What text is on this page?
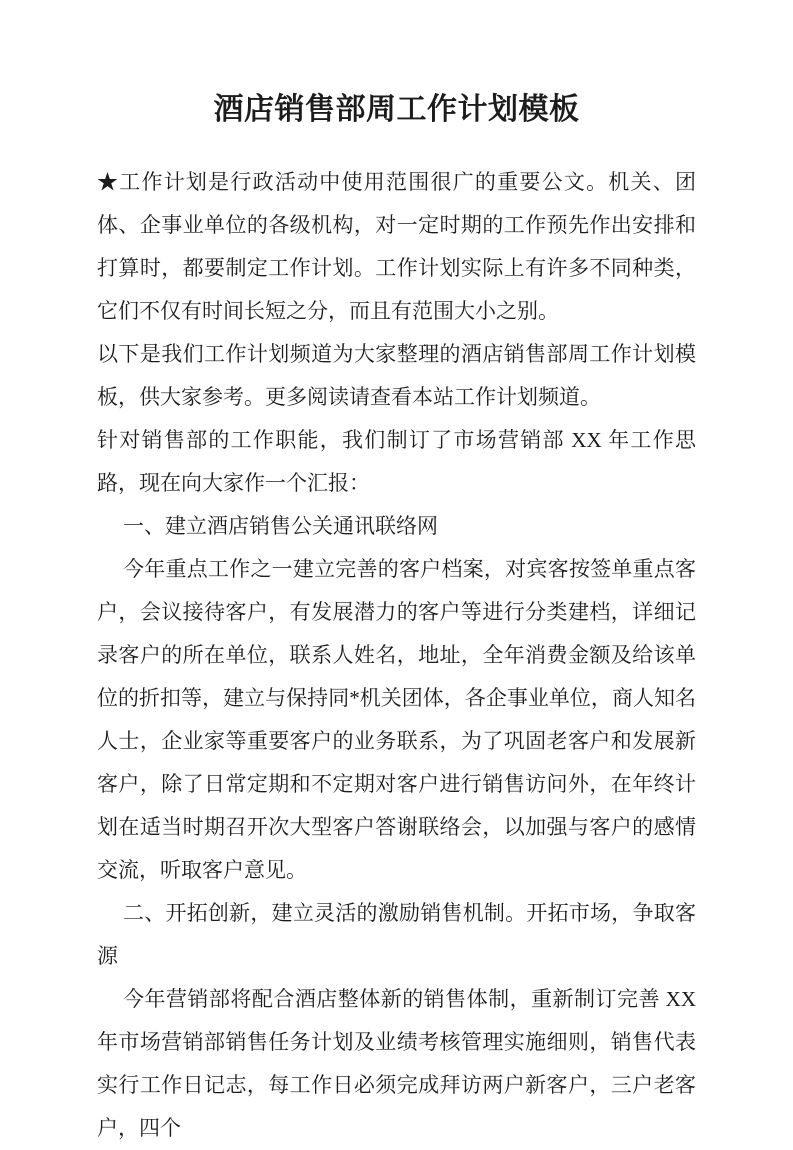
酒店销售部周工作计划模板

★工作计划是行政活动中使用范围很广的重要公文。机关、团体、企事业单位的各级机构，对一定时期的工作预先作出安排和打算时，都要制定工作计划。工作计划实际上有许多不同种类，它们不仅有时间长短之分，而且有范围大小之别。

以下是我们工作计划频道为大家整理的酒店销售部周工作计划模板，供大家参考。更多阅读请查看本站工作计划频道。

针对销售部的工作职能，我们制订了市场营销部 XX 年工作思路，现在向大家作一个汇报：

一、建立酒店销售公关通讯联络网

今年重点工作之一建立完善的客户档案，对宾客按签单重点客户，会议接待客户，有发展潜力的客户等进行分类建档，详细记录客户的所在单位，联系人姓名，地址，全年消费金额及给该单位的折扣等，建立与保持同*机关团体，各企事业单位，商人知名人士，企业家等重要客户的业务联系，为了巩固老客户和发展新客户，除了日常定期和不定期对客户进行销售访问外，在年终计划在适当时期召开次大型客户答谢联络会，以加强与客户的感情交流，听取客户意见。

二、开拓创新，建立灵活的激励销售机制。开拓市场，争取客源

今年营销部将配合酒店整体新的销售体制，重新制订完善 XX 年市场营销部销售任务计划及业绩考核管理实施细则，销售代表实行工作日记志，每工作日必须完成拜访两户新客户，三户老客户，四个
